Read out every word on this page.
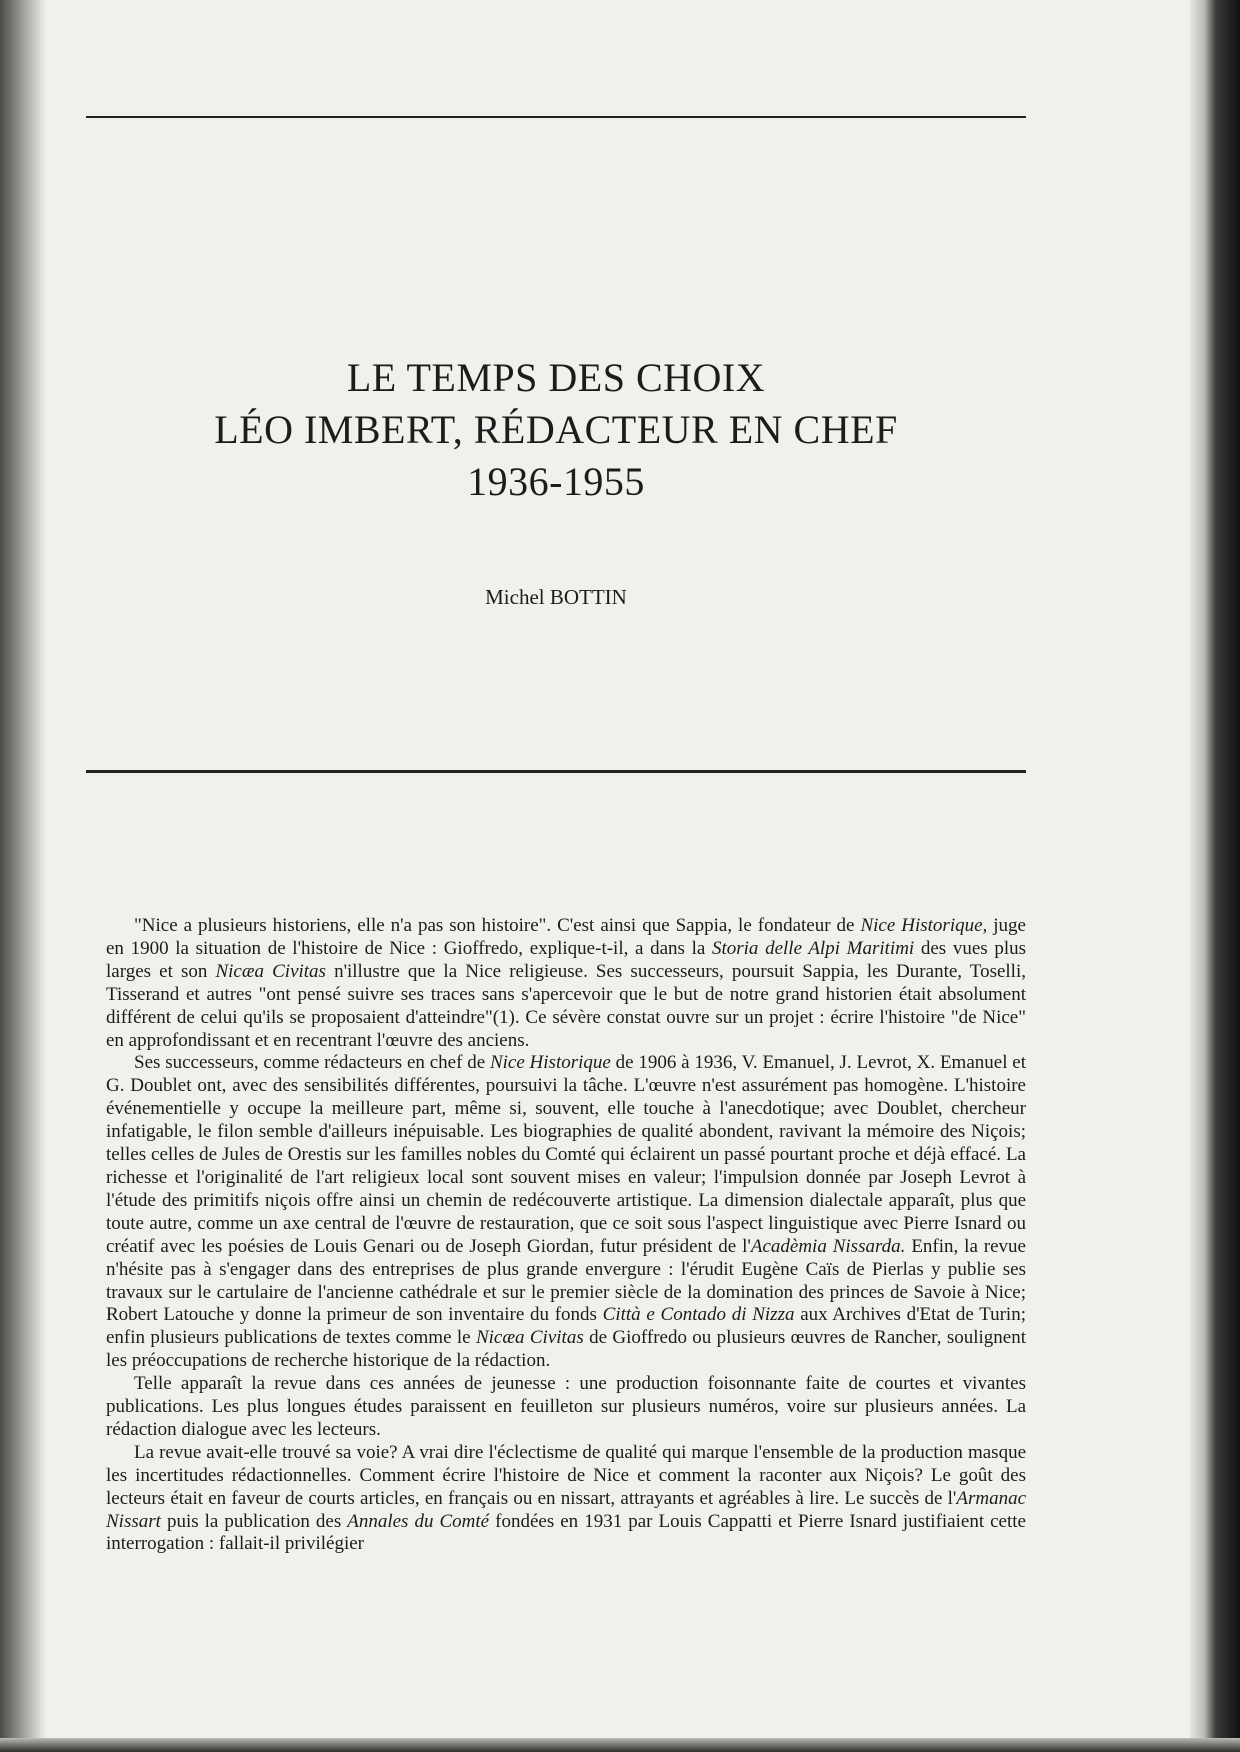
LE TEMPS DES CHOIX
LÉO IMBERT, RÉDACTEUR EN CHEF
1936-1955
Michel BOTTIN

"Nice a plusieurs historiens, elle n'a pas son histoire". C'est ainsi que Sappia, le fondateur de Nice Historique, juge en 1900 la situation de l'histoire de Nice : Gioffredo, explique-t-il, a dans la Storia delle Alpi Maritimi des vues plus larges et son Nicæa Civitas n'illustre que la Nice religieuse. Ses successeurs, poursuit Sappia, les Durante, Toselli, Tisserand et autres "ont pensé suivre ses traces sans s'apercevoir que le but de notre grand historien était absolument différent de celui qu'ils se proposaient d'atteindre"(1). Ce sévère constat ouvre sur un projet : écrire l'histoire "de Nice" en approfondissant et en recentrant l'œuvre des anciens.

Ses successeurs, comme rédacteurs en chef de Nice Historique de 1906 à 1936, V. Emanuel, J. Levrot, X. Emanuel et G. Doublet ont, avec des sensibilités différentes, poursuivi la tâche. L'œuvre n'est assurément pas homogène. L'histoire événementielle y occupe la meilleure part, même si, souvent, elle touche à l'anecdotique; avec Doublet, chercheur infatigable, le filon semble d'ailleurs inépuisable. Les biographies de qualité abondent, ravivant la mémoire des Niçois; telles celles de Jules de Orestis sur les familles nobles du Comté qui éclairent un passé pourtant proche et déjà effacé. La richesse et l'originalité de l'art religieux local sont souvent mises en valeur; l'impulsion donnée par Joseph Levrot à l'étude des primitifs niçois offre ainsi un chemin de redécouverte artistique. La dimension dialectale apparaît, plus que toute autre, comme un axe central de l'œuvre de restauration, que ce soit sous l'aspect linguistique avec Pierre Isnard ou créatif avec les poésies de Louis Genari ou de Joseph Giordan, futur président de l'Acadèmia Nissarda. Enfin, la revue n'hésite pas à s'engager dans des entreprises de plus grande envergure : l'érudit Eugène Caïs de Pierlas y publie ses travaux sur le cartulaire de l'ancienne cathédrale et sur le premier siècle de la domination des princes de Savoie à Nice; Robert Latouche y donne la primeur de son inventaire du fonds Città e Contado di Nizza aux Archives d'Etat de Turin; enfin plusieurs publications de textes comme le Nicæa Civitas de Gioffredo ou plusieurs œuvres de Rancher, soulignent les préoccupations de recherche historique de la rédaction.

Telle apparaît la revue dans ces années de jeunesse : une production foisonnante faite de courtes et vivantes publications. Les plus longues études paraissent en feuilleton sur plusieurs numéros, voire sur plusieurs années. La rédaction dialogue avec les lecteurs.

La revue avait-elle trouvé sa voie? A vrai dire l'éclectisme de qualité qui marque l'ensemble de la production masque les incertitudes rédactionnelles. Comment écrire l'histoire de Nice et comment la raconter aux Niçois? Le goût des lecteurs était en faveur de courts articles, en français ou en nissart, attrayants et agréables à lire. Le succès de l'Armanac Nissart puis la publication des Annales du Comté fondées en 1931 par Louis Cappatti et Pierre Isnard justifiaient cette interrogation : fallait-il privilégier
